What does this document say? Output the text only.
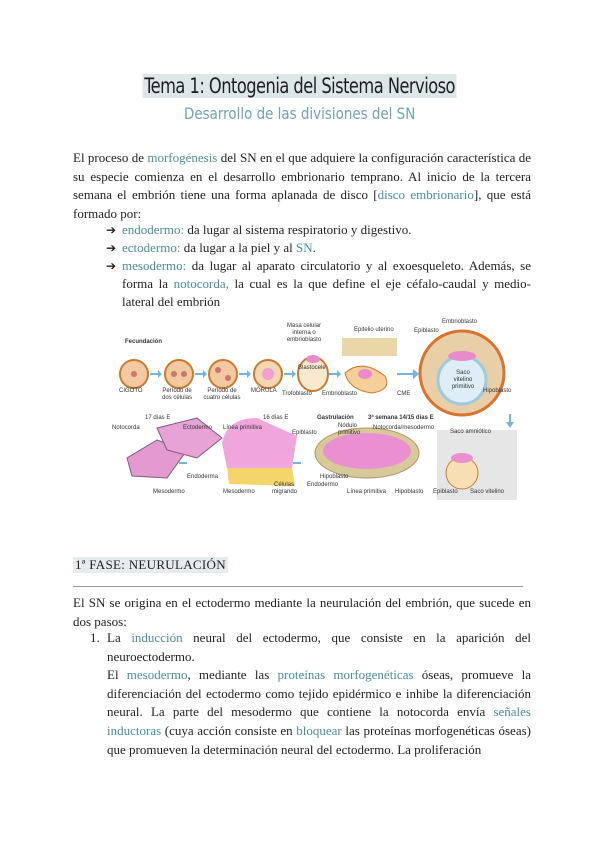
Tema 1: Ontogenia del Sistema Nervioso
Desarrollo de las divisiones del SN
El proceso de morfogénesis del SN en el que adquiere la configuración característica de su especie comienza en el desarrollo embrionario temprano. Al inicio de la tercera semana el embrión tiene una forma aplanada de disco [disco embrionario], que está formado por:
➔ endodermo: da lugar al sistema respiratorio y digestivo.
➔ ectodermo: da lugar a la piel y al SN.
➔ mesodermo: da lugar al aparato circulatorio y al exoesqueleto. Además, se forma la notocorda, la cual es la que define el eje céfalo-caudal y medio-lateral del embrión
Fecundación
CIGOTO	Período de dos células
Período de cuatro células
MÓRULA
Masa celular interna o embrioblasto
Blastocele
Trofoblasto
Epitelio uterino
Embrioblasto	CME
Epiblasto
Embrioblasto
Saco vitelino primitivo
Hipoblasto
17 días E	16 días E	Gastrulación 3ª semana 14/15 días E
Notocorda	Ectodermo Línea primitiva
Epiblasto
Nódulo primitivo
Notocorda/mesodermo
Saco amniótico
Endoderma	Hipoblasto
Mesodermo	Mesodermo
Células migrando
Endodermo
Línea primitiva Hipoblasto Epiblasto Saco vitelino
1ª FASE: NEURULACIÓN
El SN se origina en el ectodermo mediante la neurulación del embrión, que sucede en dos pasos:
1. La inducción neural del ectodermo, que consiste en la aparición del neuroectodermo.
El mesodermo, mediante las proteínas morfogenéticas óseas, promueve la diferenciación del ectodermo como tejido epidérmico e inhibe la diferenciación neural. La parte del mesodermo que contiene la notocorda envía señales inductoras (cuya acción consiste en bloquear las proteínas morfogenéticas óseas) que promueven la determinación neural del ectodermo. La proliferación
